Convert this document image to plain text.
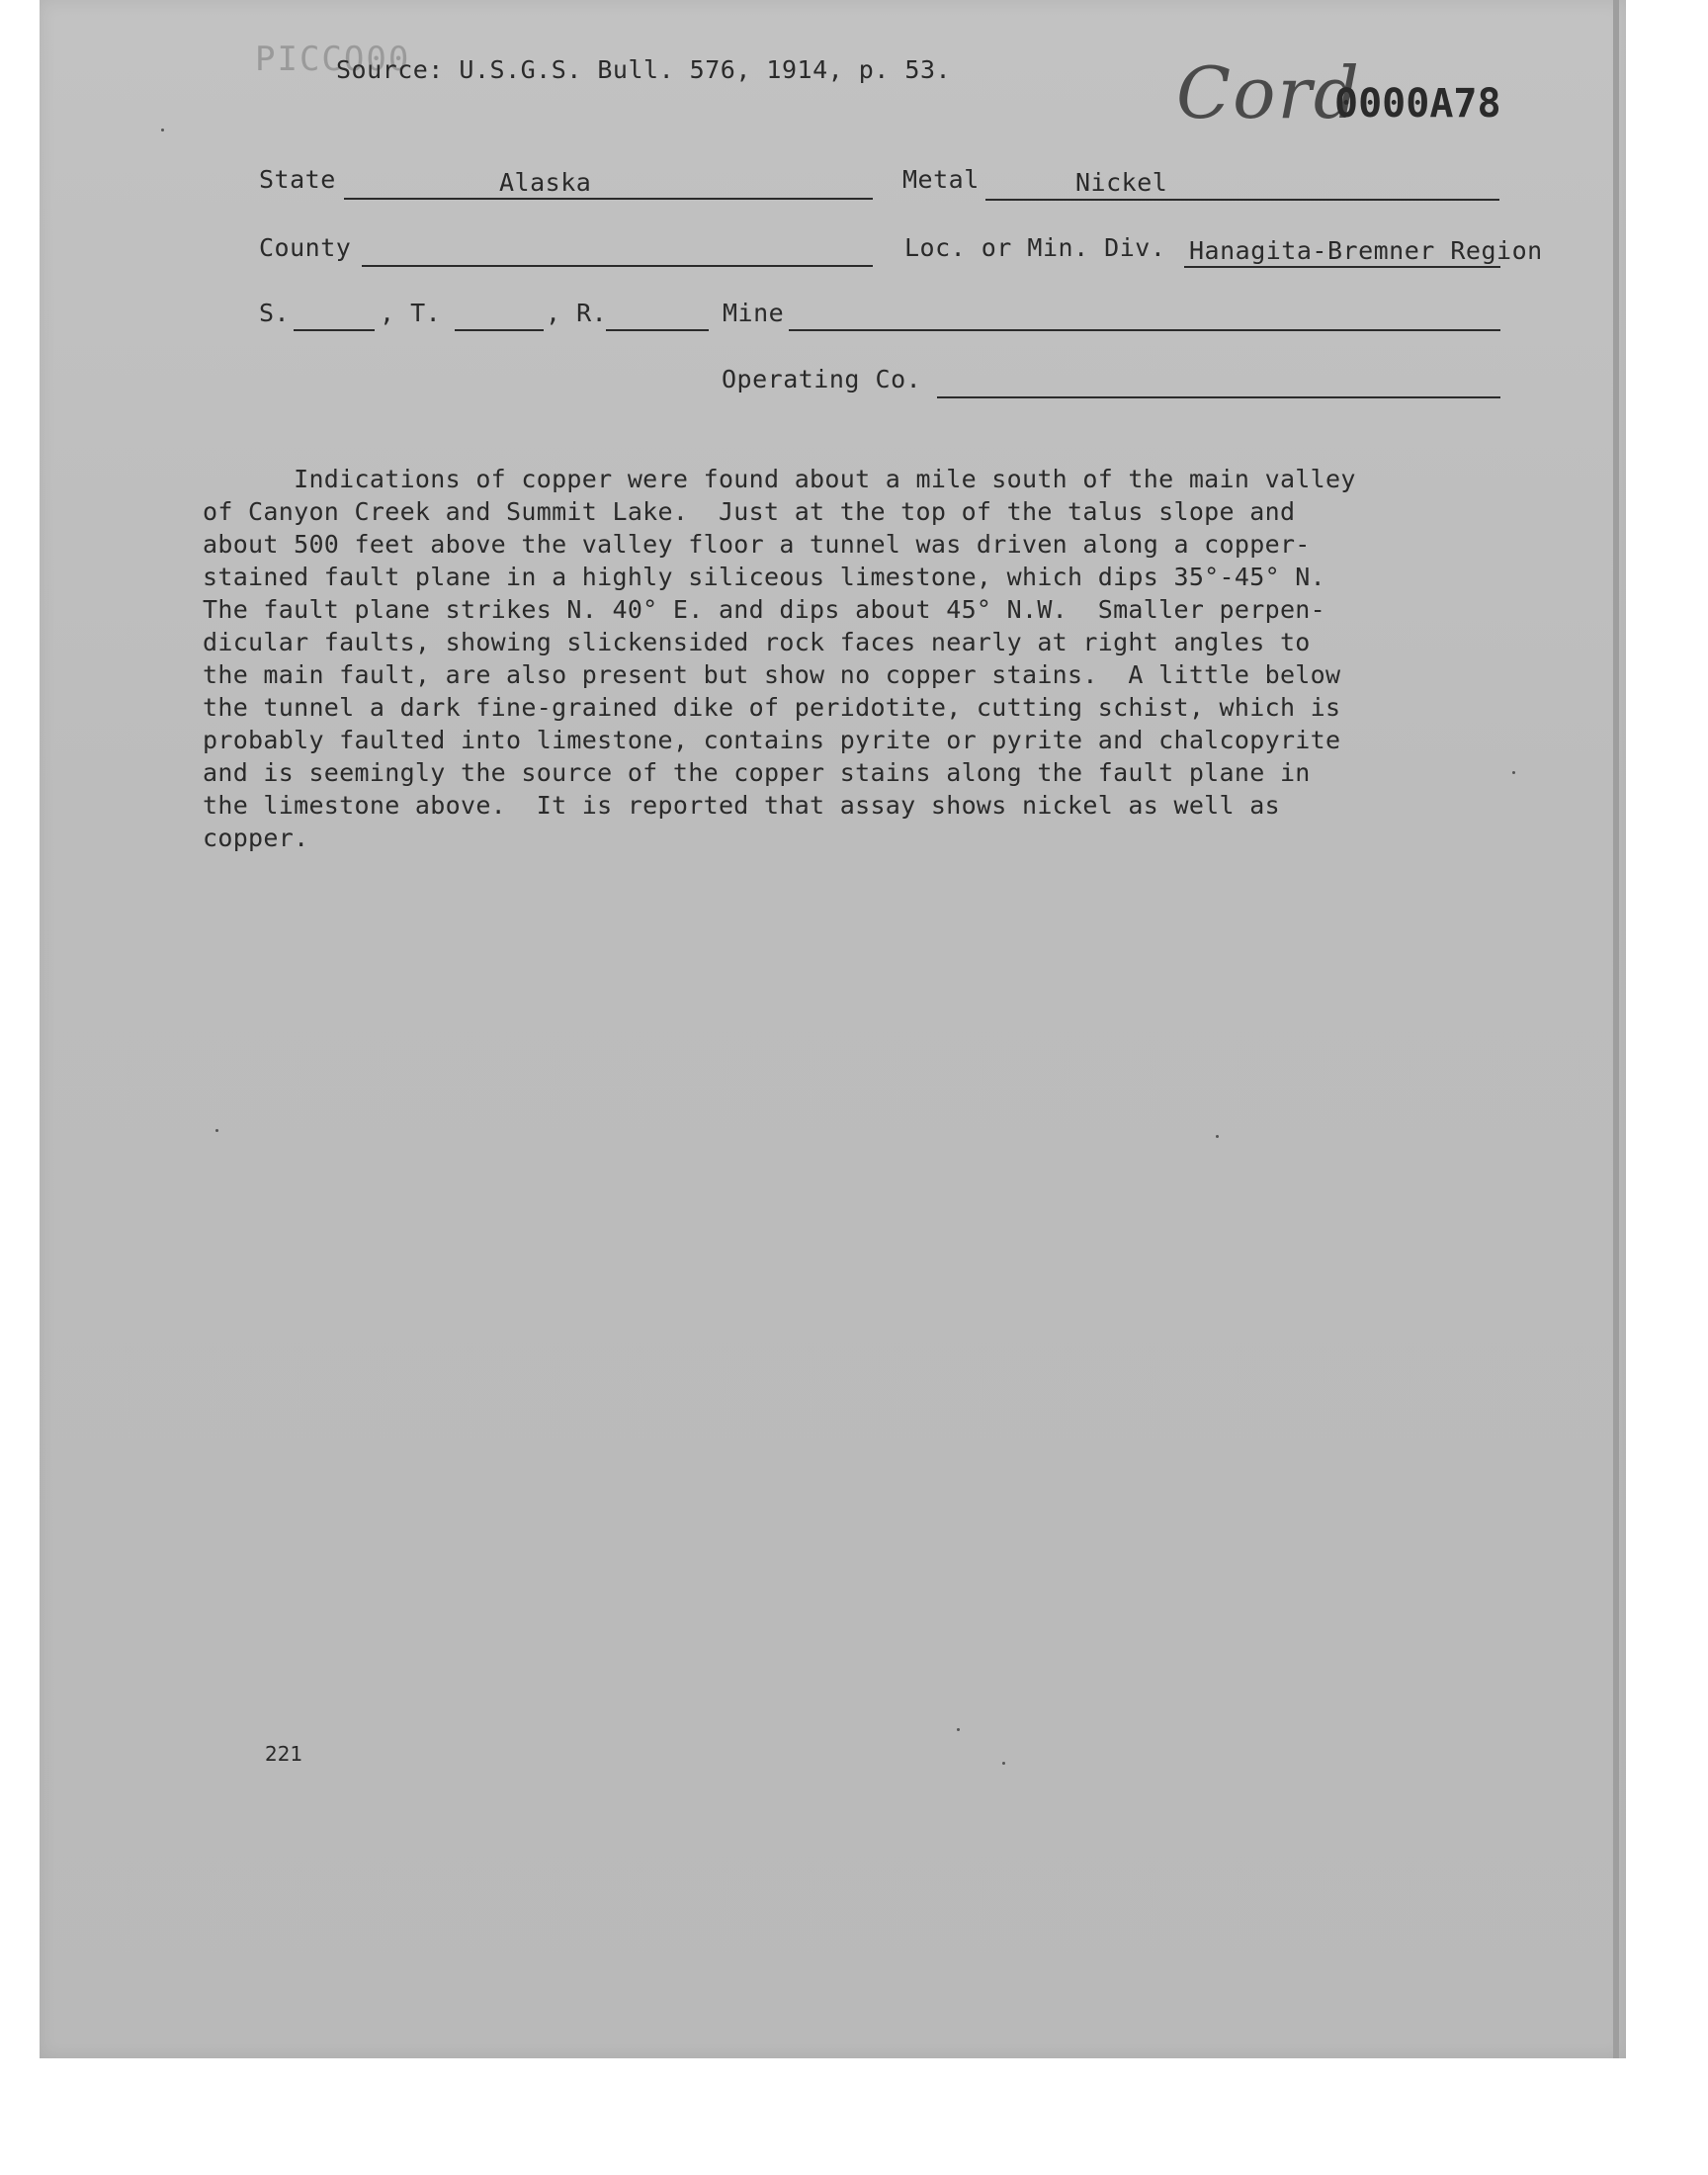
PICCO00
Source: U.S.G.S. Bull. 576, 1914, p. 53.	Cord
0000A78
State	Alaska	Metal	Nickel
County	Loc. or Min. Div. Hanagita-Bremner Region
S.	, T.	, R.	Mine
Operating Co.
Indications of copper were found about a mile south of the main valley
of Canyon Creek and Summit Lake.  Just at the top of the talus slope and
about 500 feet above the valley floor a tunnel was driven along a copper-
stained fault plane in a highly siliceous limestone, which dips 35°-45° N.
The fault plane strikes N. 40° E. and dips about 45° N.W.  Smaller perpen-
dicular faults, showing slickensided rock faces nearly at right angles to
the main fault, are also present but show no copper stains.  A little below
the tunnel a dark fine-grained dike of peridotite, cutting schist, which is
probably faulted into limestone, contains pyrite or pyrite and chalcopyrite
and is seemingly the source of the copper stains along the fault plane in
the limestone above.  It is reported that assay shows nickel as well as
copper.
221
